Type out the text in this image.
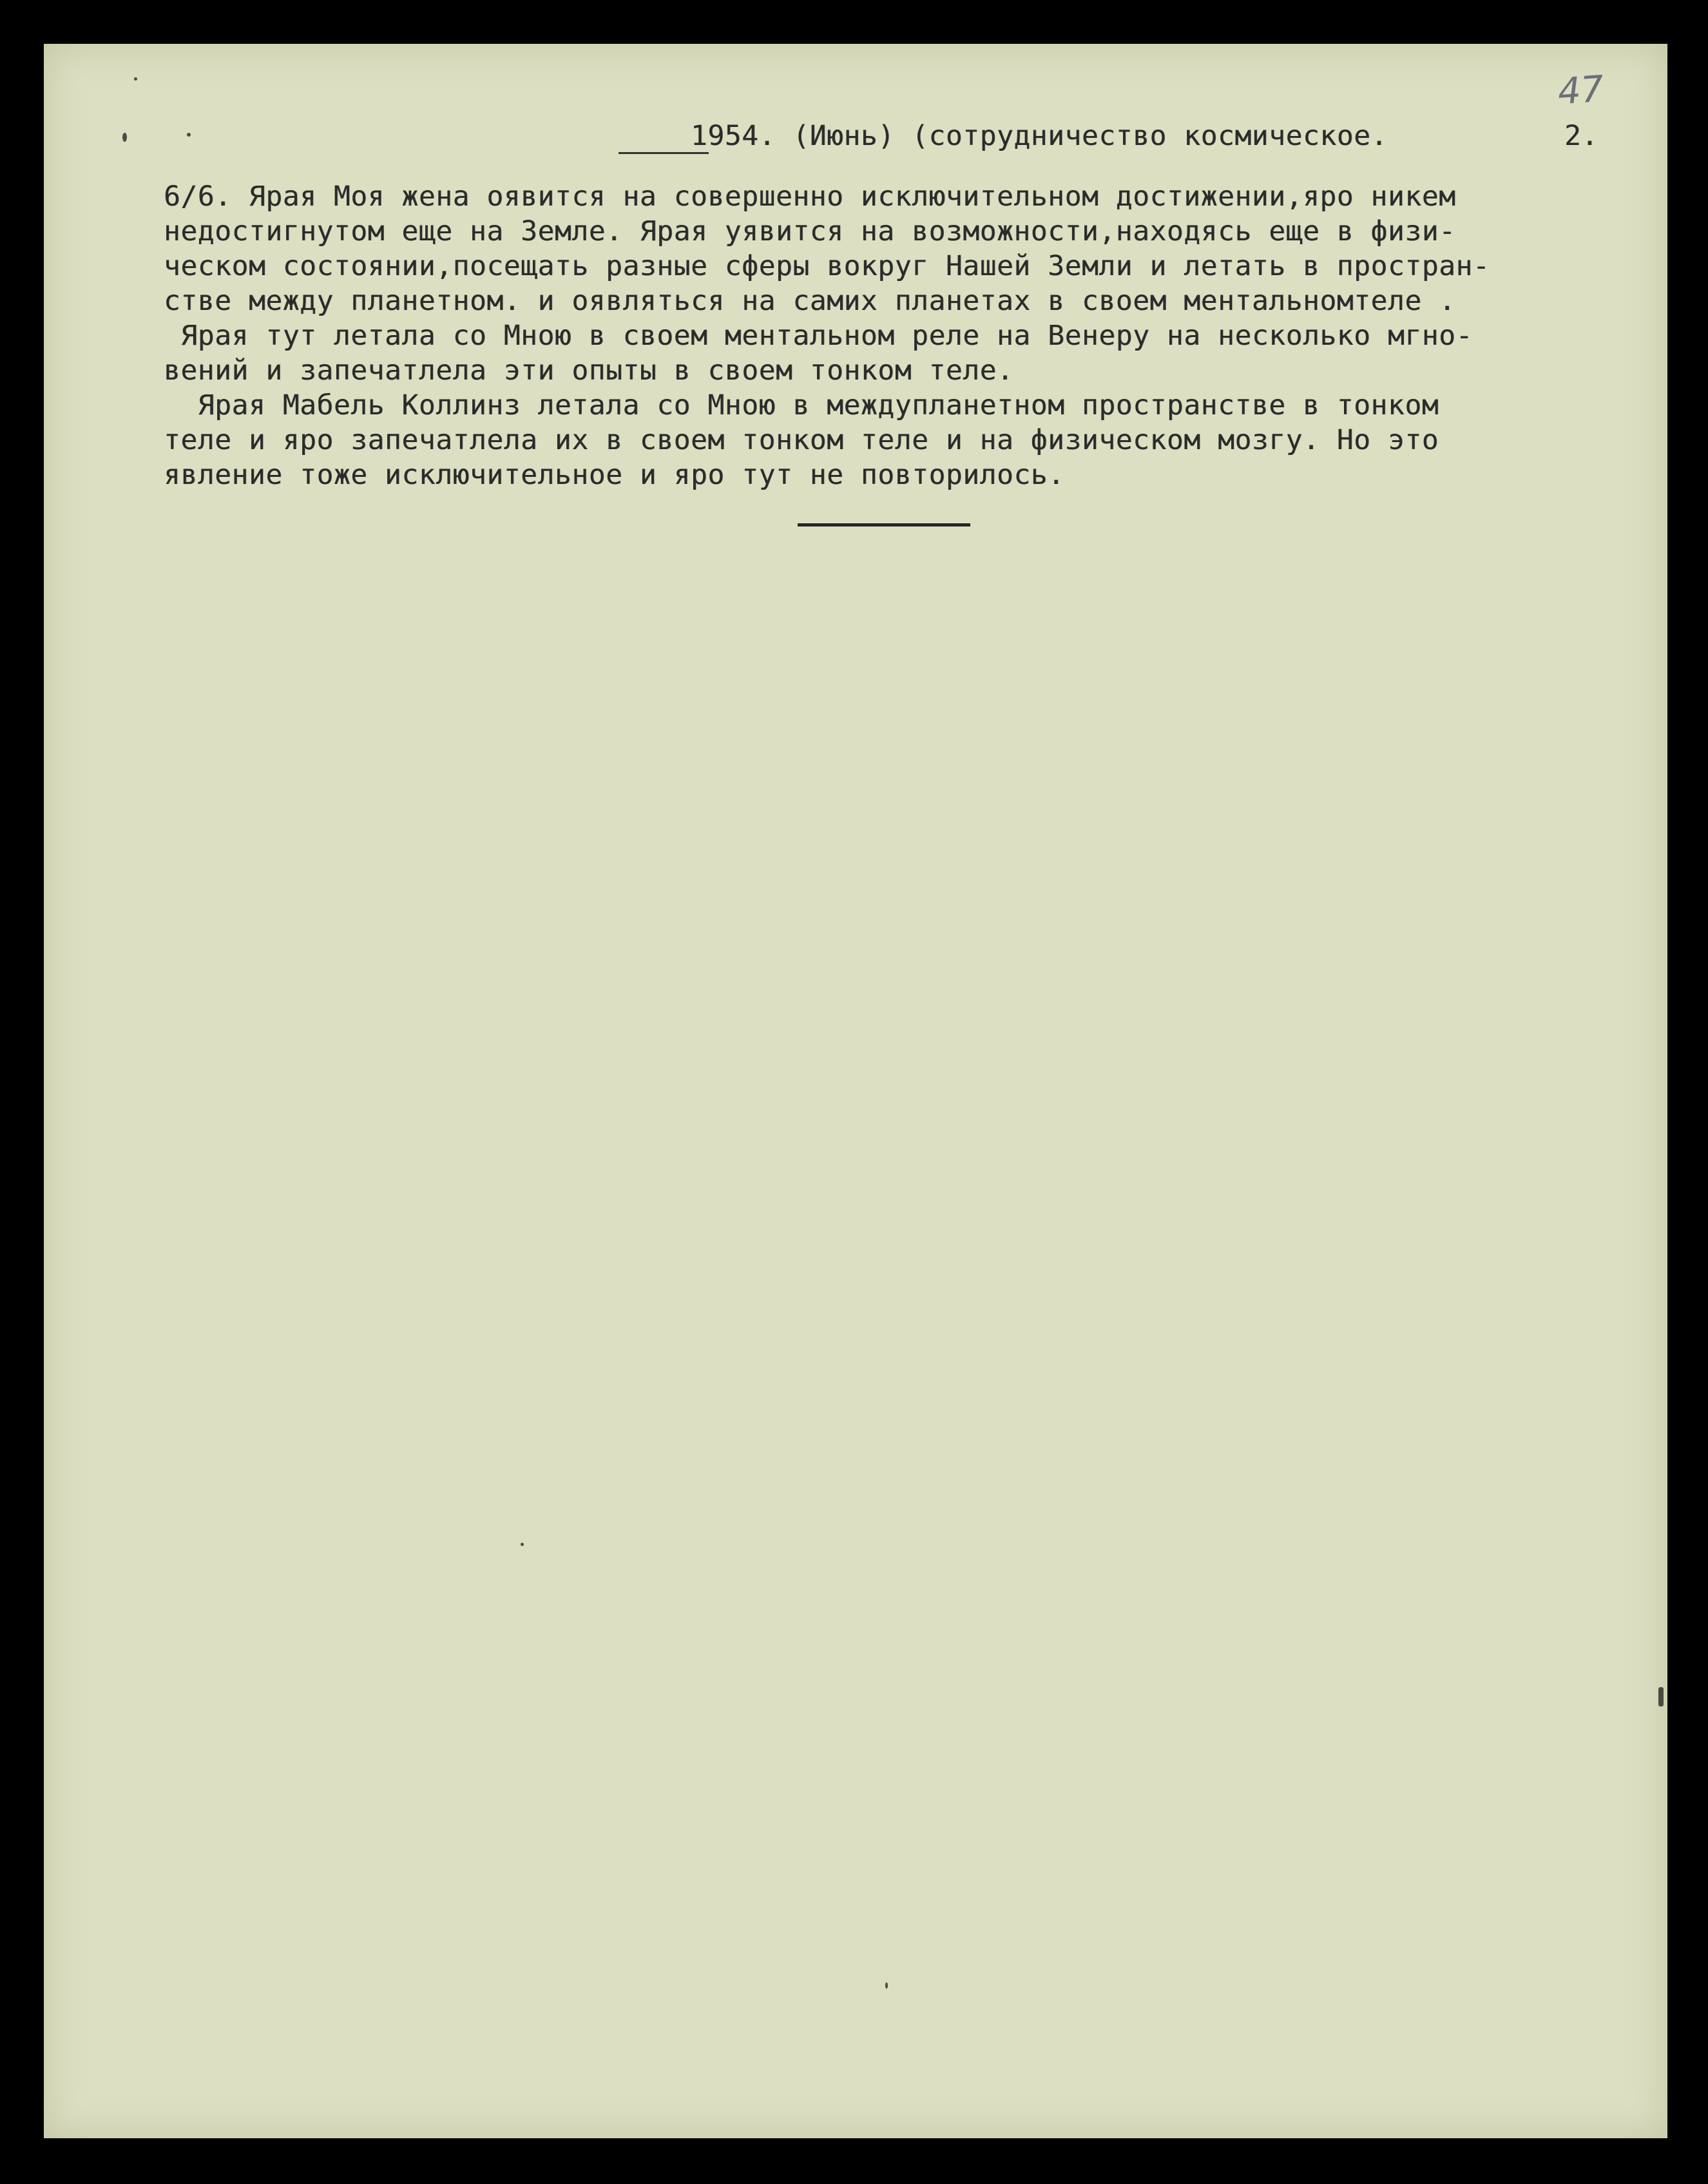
47
1954. (Июнь) (сотрудничество космическое.	2.
6/6. Ярая Моя жена оявится на совершенно исключительном достижении,яро никем
недостигнутом еще на Земле. Ярая уявится на возможности,находясь еще в физи-
ческом состоянии,посещать разные сферы вокруг Нашей Земли и летать в простран-
стве между планетном. и оявляться на самих планетах в своем ментальномтеле .
Ярая тут летала со Мною в своем ментальном реле на Венеру на несколько мгно-
вений и запечатлела эти опыты в своем тонком теле.
Ярая Мабель Коллинз летала со Мною в междупланетном пространстве в тонком
теле и яро запечатлела их в своем тонком теле и на физическом мозгу. Но это
явление тоже исключительное и яро тут не повторилось.
